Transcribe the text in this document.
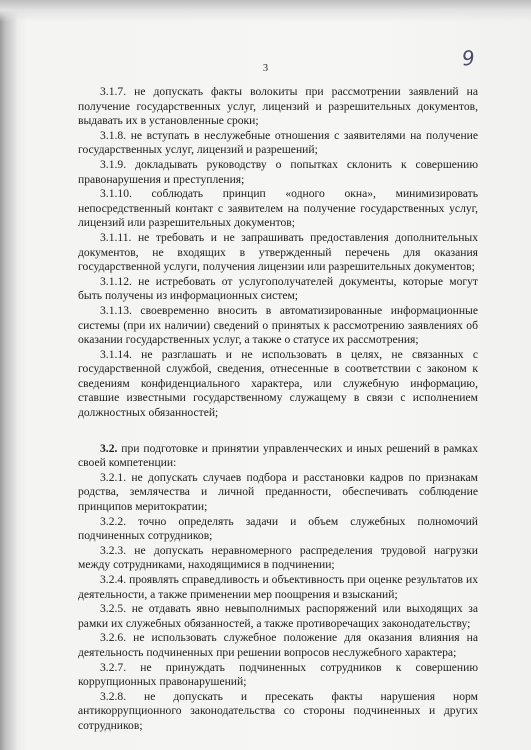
3	9

3.1.7. не допускать факты волокиты при рассмотрении заявлений на получение государственных услуг, лицензий и разрешительных документов, выдавать их в установленные сроки;

3.1.8. не вступать в неслужебные отношения с заявителями на получение государственных услуг, лицензий и разрешений;

3.1.9. докладывать руководству о попытках склонить к совершению правонарушения и преступления;

3.1.10. соблюдать принцип «одного окна», минимизировать непосредственный контакт с заявителем на получение государственных услуг, лицензий или разрешительных документов;

3.1.11. не требовать и не запрашивать предоставления дополнительных документов, не входящих в утвержденный перечень для оказания государственной услуги, получения лицензии или разрешительных документов;

3.1.12. не истребовать от услугополучателей документы, которые могут быть получены из информационных систем;

3.1.13. своевременно вносить в автоматизированные информационные системы (при их наличии) сведений о принятых к рассмотрению заявлениях об оказании государственных услуг, а также о статусе их рассмотрения;

3.1.14. не разглашать и не использовать в целях, не связанных с государственной службой, сведения, отнесенные в соответствии с законом к сведениям конфиденциального характера, или служебную информацию, ставшие известными государственному служащему в связи с исполнением должностных обязанностей;

3.2. при подготовке и принятии управленческих и иных решений в рамках своей компетенции:

3.2.1. не допускать случаев подбора и расстановки кадров по признакам родства, землячества и личной преданности, обеспечивать соблюдение принципов меритократии;

3.2.2. точно определять задачи и объем служебных полномочий подчиненных сотрудников;

3.2.3. не допускать неравномерного распределения трудовой нагрузки между сотрудниками, находящимися в подчинении;

3.2.4. проявлять справедливость и объективность при оценке результатов их деятельности, а также применении мер поощрения и взысканий;

3.2.5. не отдавать явно невыполнимых распоряжений или выходящих за рамки их служебных обязанностей, а также противоречащих законодательству;

3.2.6. не использовать служебное положение для оказания влияния на деятельность подчиненных при решении вопросов неслужебного характера;

3.2.7. не принуждать подчиненных сотрудников к совершению коррупционных правонарушений;

3.2.8. не допускать и пресекать факты нарушения норм антикоррупционного законодательства со стороны подчиненных и других сотрудников;
